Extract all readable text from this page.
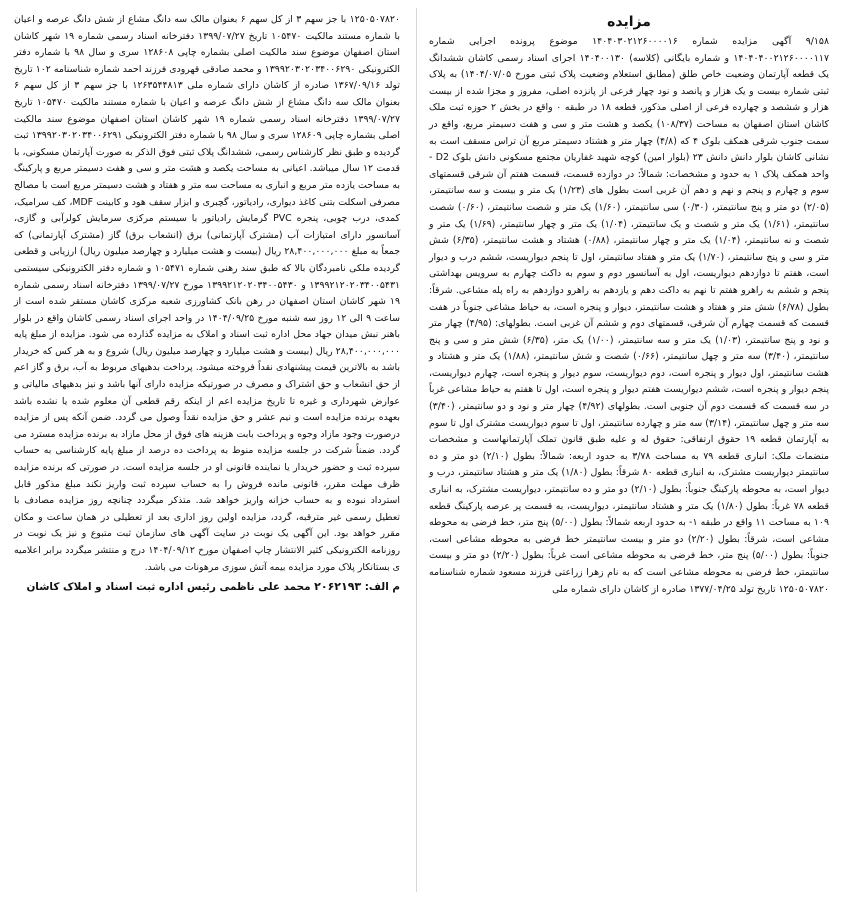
مزایده

۹/۱۵۸ آگهی مزایده شماره ۱۴۰۴۰۳۰۲۱۲۶۰۰۰۰۱۶ موضوع پرونده اجرایی شماره ۱۴۰۴۰۴۰۰۲۱۲۶۰۰۰۰۱۱۷ و شماره بایگانی (کلاسه) ۱۴۰۴۰۰۱۳۰ اجرای اسناد رسمی کاشان ششدانگ یک قطعه آپارتمان وضعیت خاص طلق (مطابق استعلام وضعیت پلاک ثبتی مورخ ۱۴۰۴/۰۷/۰۵) به پلاک ثبتی شماره بیست و یک هزار و پانصد و نود چهار فرعی از پانزده اصلی، مفروز و مجزا شده از بیست هزار و ششصد و چهارده فرعی از اصلی مذکور، قطعه ۱۸ در طبقه ۰ واقع در بخش ۲ حوزه ثبت ملک کاشان استان اصفهان به مساحت (۱۰۸/۳۷) یکصد و هشت متر و سی و هفت دسیمتر مربع، واقع در سمت جنوب شرقی همکف بلوک ۴ که (۴/۸) چهار متر و هشتاد دسیمتر مربع آن تراس مسقف است به نشانی کاشان بلوار دانش دانش ۲۳ (بلوار امین) کوچه شهید غفاریان مجتمع مسکونی دانش بلوک D2 - واحد همکف پلاک ۱ به حدود و مشخصات: شمالاً: در دوازده قسمت، قسمت هفتم آن شرقی قسمتهای سوم و چهارم و پنجم و نهم و دهم آن غربی است بطول های (۱/۲۳) یک متر و بیست و سه سانتیمتر، (۲/۰۵) دو متر و پنج سانتیمتر، (۰/۳۰) سی سانتیمتر، (۱/۶۰) یک متر و شصت سانتیمتر، (۰/۶۰) شصت سانتیمتر، (۱/۶۱) یک متر و شصت و یک سانتیمتر، (۱/۰۴) یک متر و چهار سانتیمتر، (۱/۶۹) یک متر و شصت و نه سانتیمتر، (۱/۰۴) یک متر و چهار سانتیمتر، (۰/۸۸) هشتاد و هشت سانتیمتر، (۶/۳۵) شش متر و سی و پنج سانتیمتر، (۱/۷۰) یک متر و هفتاد سانتیمتر، اول تا پنجم دیواریست، ششم درب و دیوار است، هفتم تا دوازدهم دیواریست، اول به آسانسور دوم و سوم به داکت چهارم به سرویس بهداشتی پنجم و ششم به راهرو هفتم تا نهم به داکت دهم و یازدهم به راهرو دوازدهم به راه پله مشاعی. شرقاً: بطول (۶/۷۸) شش متر و هفتاد و هشت سانتیمتر، دیوار و پنجره است، به حیاط مشاعی جنوباً در هفت قسمت که قسمت چهارم آن شرقی، قسمتهای دوم و ششم آن غربی است. بطولهای: (۴/۹۵) چهار متر و نود و پنج سانتیمتر، (۱/۰۳) یک متر و سه سانتیمتر، (۱/۰۰) یک متر، (۶/۳۵) شش متر و سی و پنج سانتیمتر، (۳/۴۰) سه متر و چهل سانتیمتر، (۰/۶۶) شصت و شش سانتیمتر، (۱/۸۸) یک متر و هشتاد و هشت سانتیمتر، اول دیوار و پنجره است، دوم دیواریست، سوم دیوار و پنجره است، چهارم دیواریست، پنجم دیوار و پنجره است، ششم دیواریست هفتم دیوار و پنجره است، اول تا هفتم به حیاط مشاعی غرباً در سه قسمت که قسمت دوم آن جنوبی است. بطولهای (۴/۹۲) چهار متر و نود و دو سانتیمتر، (۳/۴۰) سه متر و چهل سانتیمتر، (۳/۱۴) سه متر و چهارده سانتیمتر، اول تا سوم دیواریست مشترک اول تا سوم به آپارتمان قطعه ۱۹ حقوق ارتفاقی: حقوق له و علیه طبق قانون تملک آپارتمانهاست و مشخصات منضمات ملک: انباری قطعه ۷۹ به مساحت ۳/۷۸ به حدود اربعه: شمالاً: بطول (۲/۱۰) دو متر و ده سانتیمتر دیواریست مشترک، به انباری قطعه ۸۰ شرقاً: بطول (۱/۸۰) یک متر و هشتاد سانتیمتر، درب و دیوار است، به محوطه پارکینگ جنوباً: بطول (۲/۱۰) دو متر و ده سانتیمتر، دیواریست مشترک، به انباری قطعه ۷۸ غرباً: بطول (۱/۸۰) یک متر و هشتاد سانتیمتر، دیواریست، به قسمت پر عرصه پارکینگ قطعه ۱۰۹ به مساحت ۱۱ واقع در طبقه ۱- به حدود اربعه شمالاً: بطول (۵/۰۰) پنج متر، خط فرضی به محوطه مشاعی است، شرقاً: بطول (۲/۲۰) دو متر و بیست سانتیمتر خط فرضی به محوطه مشاعی است، جنوباً: بطول (۵/۰۰) پنج متر، خط فرضی به محوطه مشاعی است غرباً: بطول (۲/۲۰) دو متر و بیست سانتیمتر، خط فرضی به محوطه مشاعی است که به نام زهرا زراعتی فرزند مسعود شماره شناسنامه ۱۲۵۰۵۰۷۸۲۰ تاریخ تولد ۱۳۷۷/۰۴/۲۵ صادره از کاشان دارای شماره ملی

۱۲۵۰۵۰۷۸۲۰ با جز سهم ۳ از کل سهم ۶ بعنوان مالک سه دانگ مشاع از شش دانگ عرصه و اعیان با شماره مستند مالکیت ۱۰۵۴۷۰ تاریخ ۱۳۹۹/۰۷/۲۷ دفترخانه اسناد رسمی شماره ۱۹ شهر کاشان استان اصفهان موضوع سند مالکیت اصلی بشماره چاپی ۱۲۸۶۰۸ سری و سال ۹۸ با شماره دفتر الکترونیکی ۱۳۹۹۲۰۳۰۲۰۳۴۰۰۶۲۹۰ و محمد صادقی قهرودی فرزند احمد شماره شناسنامه ۱۰۲ تاریخ تولد ۱۳۶۷/۰۹/۱۶ صادره از کاشان دارای شماره ملی ۱۲۶۳۵۴۴۸۱۳ با جز سهم ۳ از کل سهم ۶ بعنوان مالک سه دانگ مشاع از شش دانگ عرصه و اعیان با شماره مستند مالکیت ۱۰۵۴۷۰ تاریخ ۱۳۹۹/۰۷/۲۷ دفترخانه اسناد رسمی شماره ۱۹ شهر کاشان استان اصفهان موضوع سند مالکیت اصلی بشماره چاپی ۱۲۸۶۰۹ سری و سال ۹۸ با شماره دفتر الکترونیکی ۱۳۹۹۲۰۳۰۲۰۳۴۰۰۶۲۹۱ ثبت گردیده و طبق نظر کارشناس رسمی، ششدانگ پلاک ثبتی فوق الذکر به صورت آپارتمان مسکونی، با قدمت ۱۲ سال میباشد. اعیانی به مساحت یکصد و هشت متر و سی و هفت دسیمتر مربع و پارکینگ به مساحت یازده متر مربع و انباری به مساحت سه متر و هفتاد و هشت دسیمتر مربع است با مصالح مصرفی اسکلت بتنی کاغذ دیواری، رادیاتور، گچبری و ابزار سقف هود و کابینت MDF، کف سرامیک، کمدی، درب چوبی، پنجره PVC گرمایش رادیاتور با سیستم مرکزی سرمایش کولرآبی و گازی، آسانسور دارای امتیازات آب (مشترک آپارتمانی) برق (انشعاب برق) گاز (مشترک آپارتمانی) که جمعاً به مبلغ ۲۸,۴۰۰,۰۰۰,۰۰۰ ریال (بیست و هشت میلیارد و چهارصد میلیون ریال) ارزیابی و قطعی گردیده ملکی نامبردگان بالا که طبق سند رهنی شماره ۱۰۵۴۷۱ و شماره دفتر الکترونیکی سیستمی ۱۳۹۹۲۱۲۰۲۰۳۴۰۰۵۴۳۱ و ۱۳۹۹۲۱۲۰۲۰۳۴۰۰۵۴۳۰ مورخ ۱۳۹۹/۰۷/۲۷ دفترخانه اسناد رسمی شماره ۱۹ شهر کاشان استان اصفهان در رهن بانک کشاورزی شعبه مرکزی کاشان مستقر شده است از ساعت ۹ الی ۱۲ روز سه شنبه مورخ ۱۴۰۴/۰۹/۲۵ در واحد اجرای اسناد رسمی کاشان واقع در بلوار باهنر نبش میدان جهاد محل اداره ثبت اسناد و املاک به مزایده گذارده می شود. مزایده از مبلغ پایه ۲۸,۴۰۰,۰۰۰,۰۰۰ ریال (بیست و هشت میلیارد و چهارصد میلیون ریال) شروع و به هر کس که خریدار باشد به بالاترین قیمت پیشنهادی نقداً فروخته میشود. پرداخت بدهیهای مربوط به آب، برق و گاز اعم از حق انشعاب و حق اشتراک و مصرف در صورتیکه مزایده دارای آنها باشد و نیز بدهیهای مالیاتی و عوارض شهرداری و غیره تا تاریخ مزایده اعم از اینکه رقم قطعی آن معلوم شده یا نشده باشد بعهده برنده مزایده است و نیم عشر و حق مزایده نقداً وصول می گردد. ضمن آنکه پس از مزایده درصورت وجود مازاد وجوه و پرداخت بابت هزینه های فوق از محل مازاد به برنده مزایده مسترد می گردد. ضمناً شرکت در جلسه مزایده منوط به پرداخت ده درصد از مبلغ پایه کارشناسی به حساب سپرده ثبت و حضور خریدار یا نماینده قانونی او در جلسه مزایده است. در صورتی که برنده مزایده ظرف مهلت مقرر، قانونی مانده فروش را به حساب سپرده ثبت واریز نکند مبلغ مذکور قابل استرداد نبوده و به حساب خزانه واریز خواهد شد. متذکر میگردد چنانچه روز مزایده مصادف با تعطیل رسمی غیر مترقبه، گردد، مزایده اولین روز اداری بعد از تعطیلی در همان ساعت و مکان مقرر خواهد بود. این آگهی یک نوبت در سایت آگهی های سازمان ثبت متبوع و نیز یک نوبت در روزنامه الکترونیکی کثیر الانتشار چاپ اصفهان مورخ ۱۴۰۴/۰۹/۱۲ درج و منتشر میگردد برابر اعلامیه ی بستانکار پلاک مورد مزایده بیمه آتش سوزی مرهونات می باشد.

م الف: ۲۰۶۲۱۹۳ محمد علی ناظمی رئیس اداره ثبت اسناد و املاک کاشان
